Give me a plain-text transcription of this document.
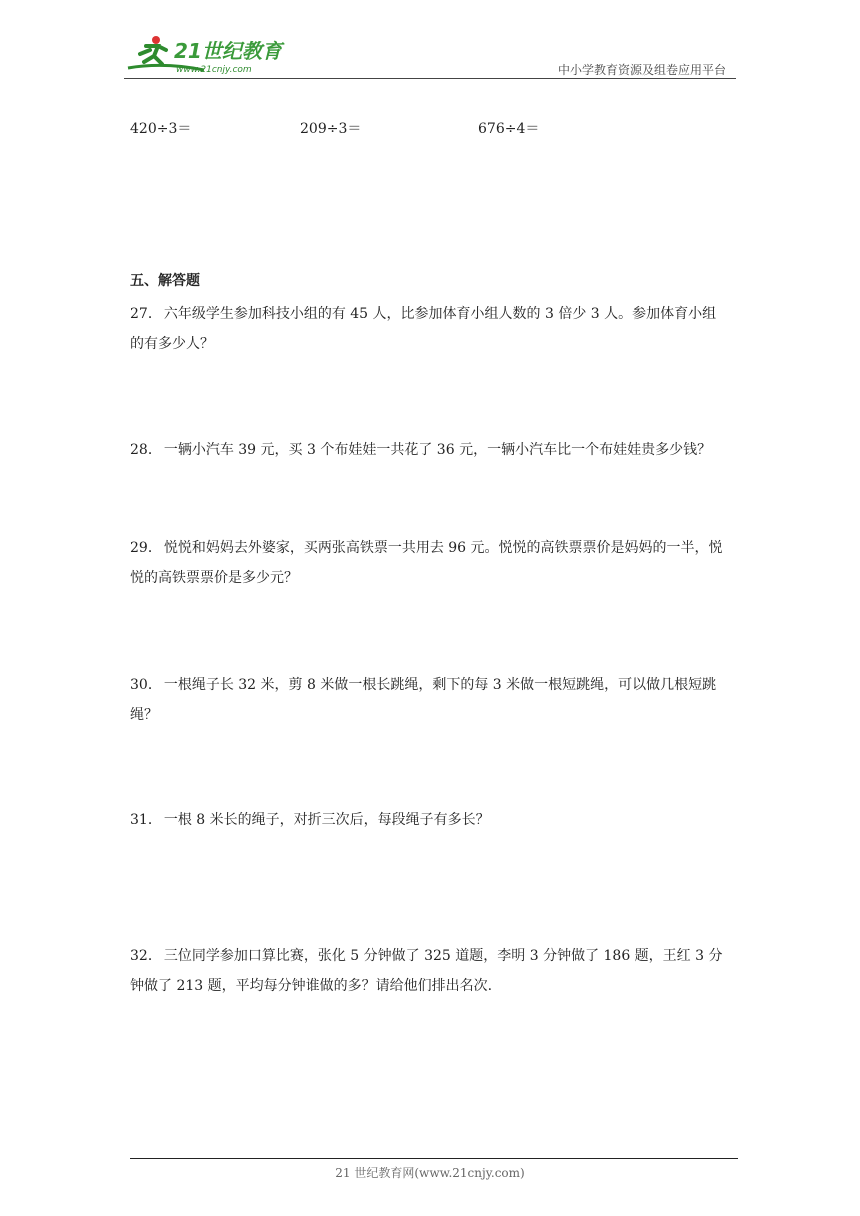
21世纪教育
www.21cnjy.com	中小学教育资源及组卷应用平台
420÷3＝	209÷3＝	676÷4＝
五、解答题
27． 六年级学生参加科技小组的有 45 人，比参加体育小组人数的 3 倍少 3 人。参加体育小组的有多少人？
28． 一辆小汽车 39 元，买 3 个布娃娃一共花了 36 元，一辆小汽车比一个布娃娃贵多少钱？
29． 悦悦和妈妈去外婆家，买两张高铁票一共用去 96 元。悦悦的高铁票票价是妈妈的一半，悦悦的高铁票票价是多少元？
30． 一根绳子长 32 米，剪 8 米做一根长跳绳，剩下的每 3 米做一根短跳绳，可以做几根短跳绳？
31． 一根 8 米长的绳子，对折三次后，每段绳子有多长？
32． 三位同学参加口算比赛，张化 5 分钟做了 325 道题，李明 3 分钟做了 186 题，王红 3 分钟做了 213 题，平均每分钟谁做的多？请给他们排出名次.
21 世纪教育网(www.21cnjy.com)
